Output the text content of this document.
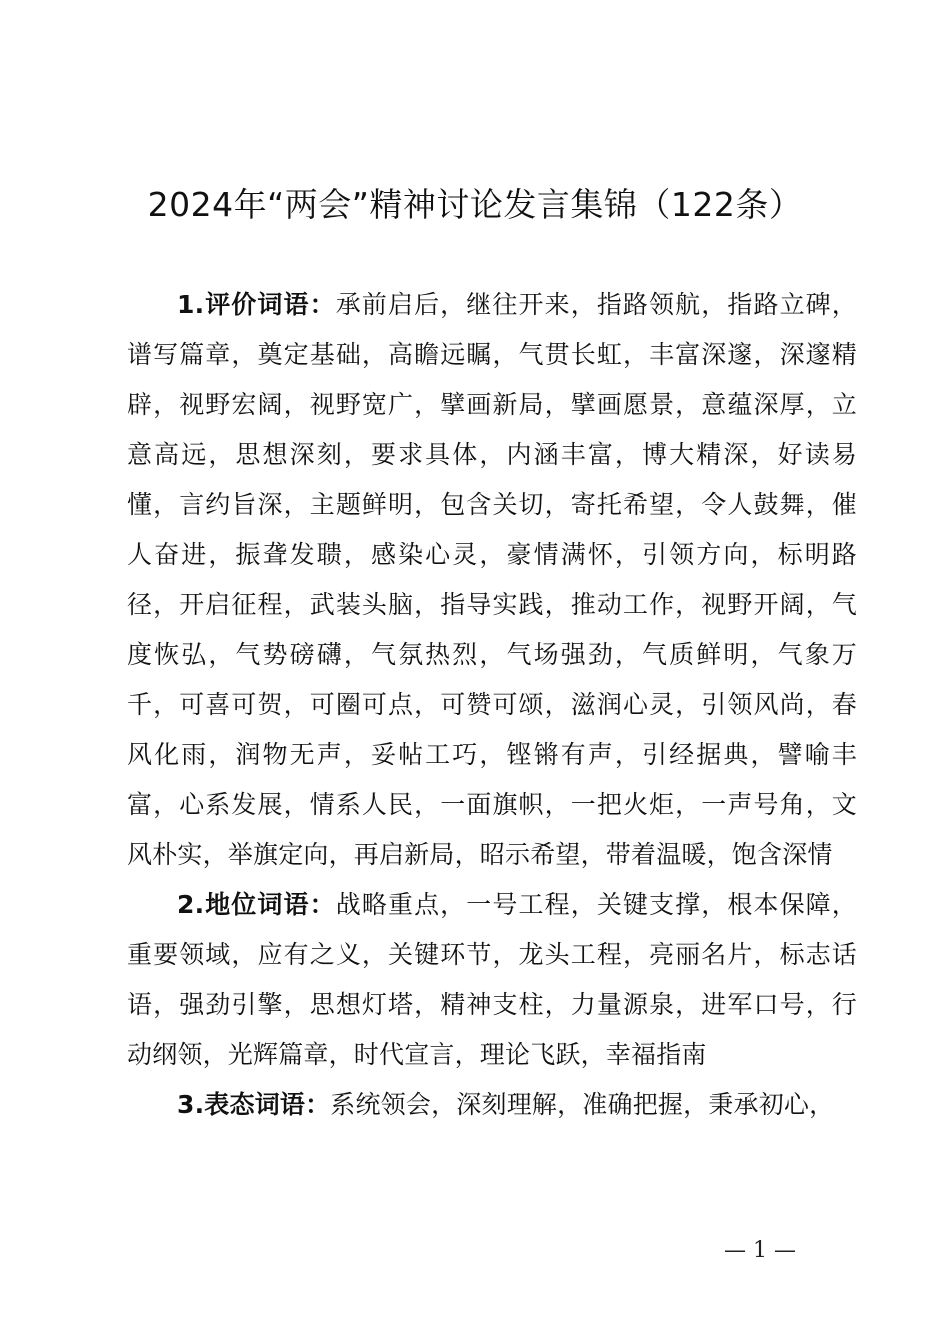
2024年“两会”精神讨论发言集锦（122条）

1.评价词语：承前启后，继往开来，指路领航，指路立碑，谱写篇章，奠定基础，高瞻远瞩，气贯长虹，丰富深邃，深邃精辟，视野宏阔，视野宽广，擘画新局，擘画愿景，意蕴深厚，立意高远，思想深刻，要求具体，内涵丰富，博大精深，好读易懂，言约旨深，主题鲜明，包含关切，寄托希望，令人鼓舞，催人奋进，振聋发聩，感染心灵，豪情满怀，引领方向，标明路径，开启征程，武装头脑，指导实践，推动工作，视野开阔，气度恢弘，气势磅礴，气氛热烈，气场强劲，气质鲜明，气象万千，可喜可贺，可圈可点，可赞可颂，滋润心灵，引领风尚，春风化雨，润物无声，妥帖工巧，铿锵有声，引经据典，譬喻丰富，心系发展，情系人民，一面旗帜，一把火炬，一声号角，文风朴实，举旗定向，再启新局，昭示希望，带着温暖，饱含深情

2.地位词语：战略重点，一号工程，关键支撑，根本保障，重要领域，应有之义，关键环节，龙头工程，亮丽名片，标志话语，强劲引擎，思想灯塔，精神支柱，力量源泉，进军口号，行动纲领，光辉篇章，时代宣言，理论飞跃，幸福指南

3.表态词语：系统领会，深刻理解，准确把握，秉承初心，

— 1 —
